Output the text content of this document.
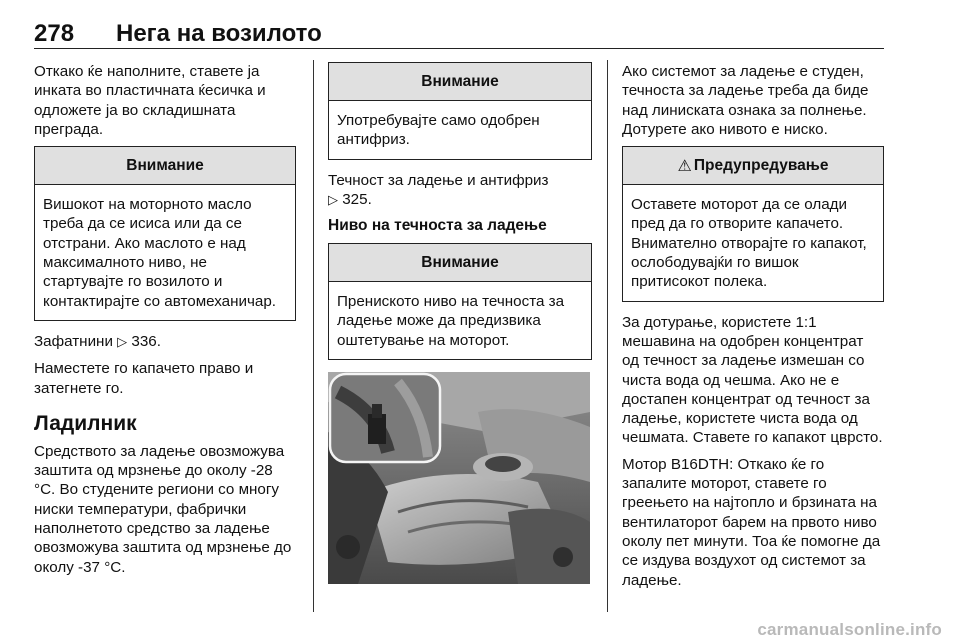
278 Нега на возилото

Откако ќе наполните, ставете ја инката во пластичната ќесичка и одложете ја во складишната преграда.

Внимание
Вишокот на моторното масло треба да се исиса или да се отстрани. Ако маслото е над максималното ниво, не стартувајте го возилото и контактирајте со автомеханичар.

Зафатнини ▷ 336.

Наместете го капачето право и затегнете го.

Ладилник

Средството за ладење овозможува заштита од мрзнење до околу -28 °C. Во студените региони со многу ниски температури, фабрички наполнетото средство за ладење овозможува заштита од мрзнење до околу -37 °C.

Внимание
Употребувајте само одобрен антифриз.

Течност за ладење и антифриз
▷ 325.

Ниво на течноста за ладење
Внимание
Прениското ниво на течноста за ладење може да предизвика оштетување на моторот.

Ако системот за ладење е студен, течноста за ладење треба да биде над линиската ознака за полнење. Дотурете ако нивото е ниско.

⚠ Предупредување
Оставете моторот да се олади пред да го отворите капачето. Внимателно отворајте го капакот, ослободувајќи го вишок притисокот полека.

За дотурање, користете 1:1 мешавина на одобрен концентрат од течност за ладење измешан со чиста вода од чешма. Ако не е достапен концентрат од течност за ладење, користете чиста вода од чешмата. Ставете го капакот цврсто.

Мотор B16DTH: Откако ќе го запалите моторот, ставете го греењето на најтопло и брзината на вентилаторот барем на првото ниво околу пет минути. Тоа ќе помогне да се издува воздухот од системот за ладење.

carmanualsonline.info
